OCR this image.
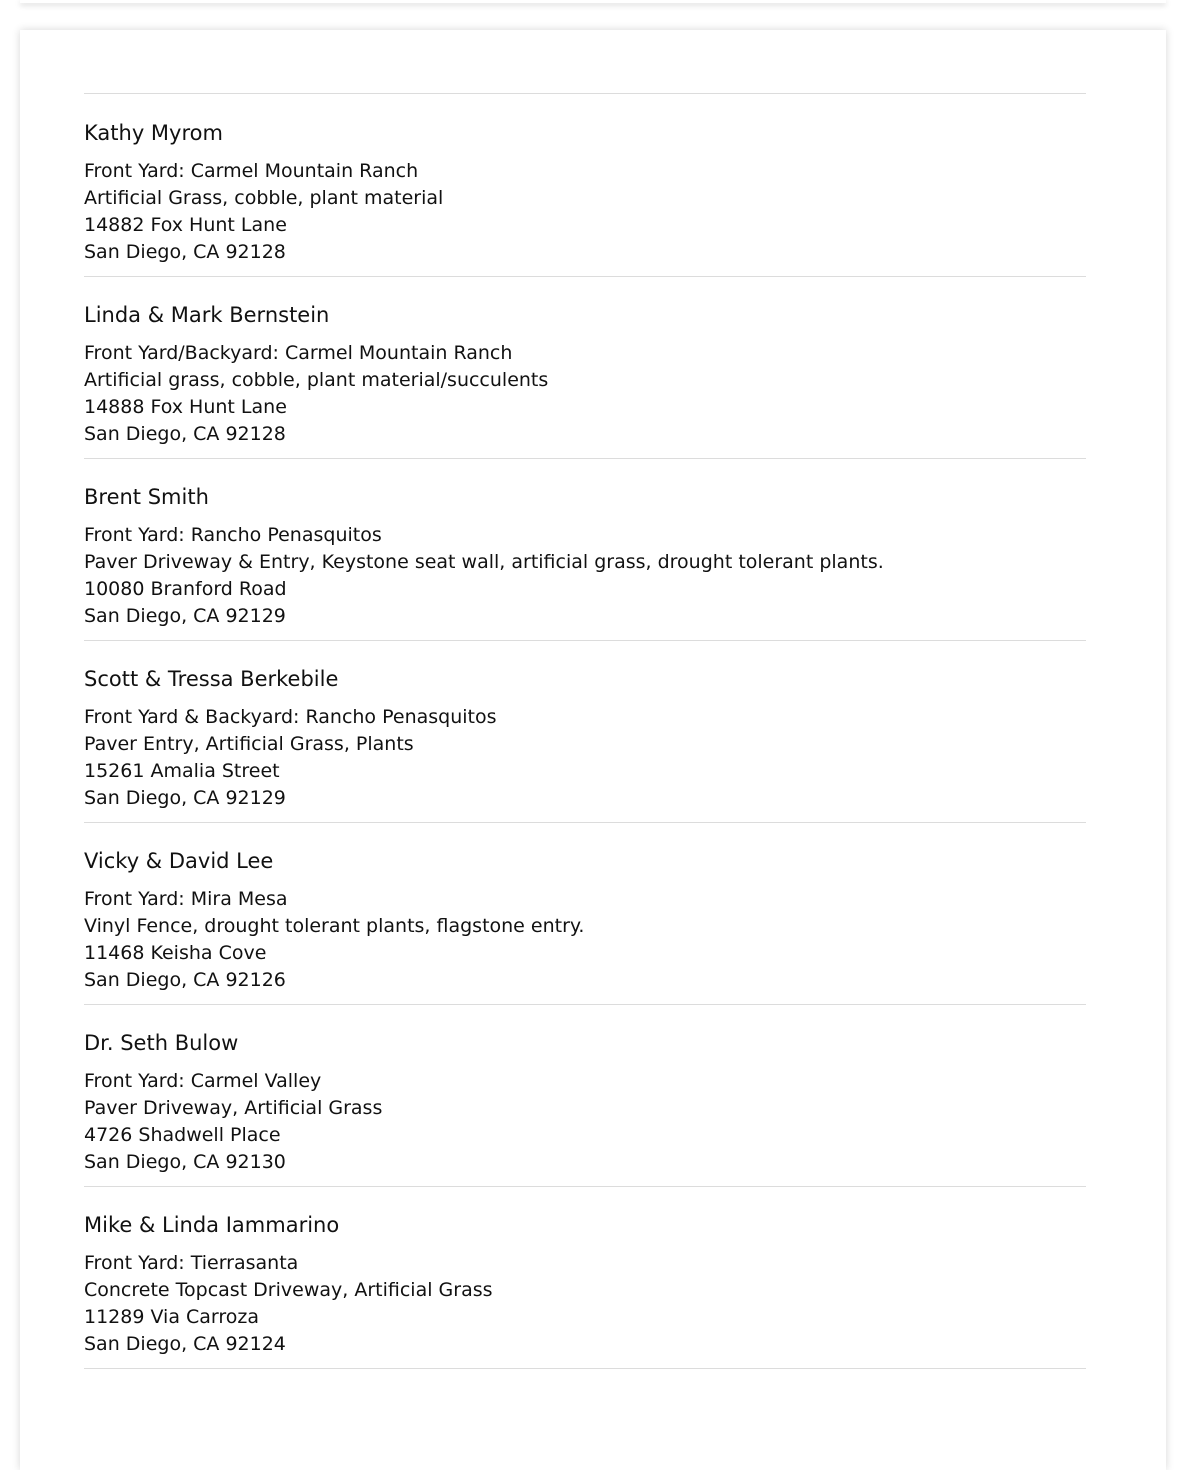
Kathy Myrom

Front Yard: Carmel Mountain Ranch

Artificial Grass, cobble, plant material

14882 Fox Hunt Lane

San Diego, CA 92128

Linda & Mark Bernstein

Front Yard/Backyard: Carmel Mountain Ranch

Artificial grass, cobble, plant material/succulents

14888 Fox Hunt Lane

San Diego, CA 92128

Brent Smith

Front Yard: Rancho Penasquitos

Paver Driveway & Entry, Keystone seat wall, artificial grass, drought tolerant plants.

10080 Branford Road

San Diego, CA 92129

Scott & Tressa Berkebile

Front Yard & Backyard: Rancho Penasquitos

Paver Entry, Artificial Grass, Plants

15261 Amalia Street

San Diego, CA 92129

Vicky & David Lee

Front Yard: Mira Mesa

Vinyl Fence, drought tolerant plants, flagstone entry.

11468 Keisha Cove

San Diego, CA 92126

Dr. Seth Bulow

Front Yard: Carmel Valley

Paver Driveway, Artificial Grass

4726 Shadwell Place

San Diego, CA 92130

Mike & Linda Iammarino

Front Yard: Tierrasanta

Concrete Topcast Driveway, Artificial Grass

11289 Via Carroza

San Diego, CA 92124
